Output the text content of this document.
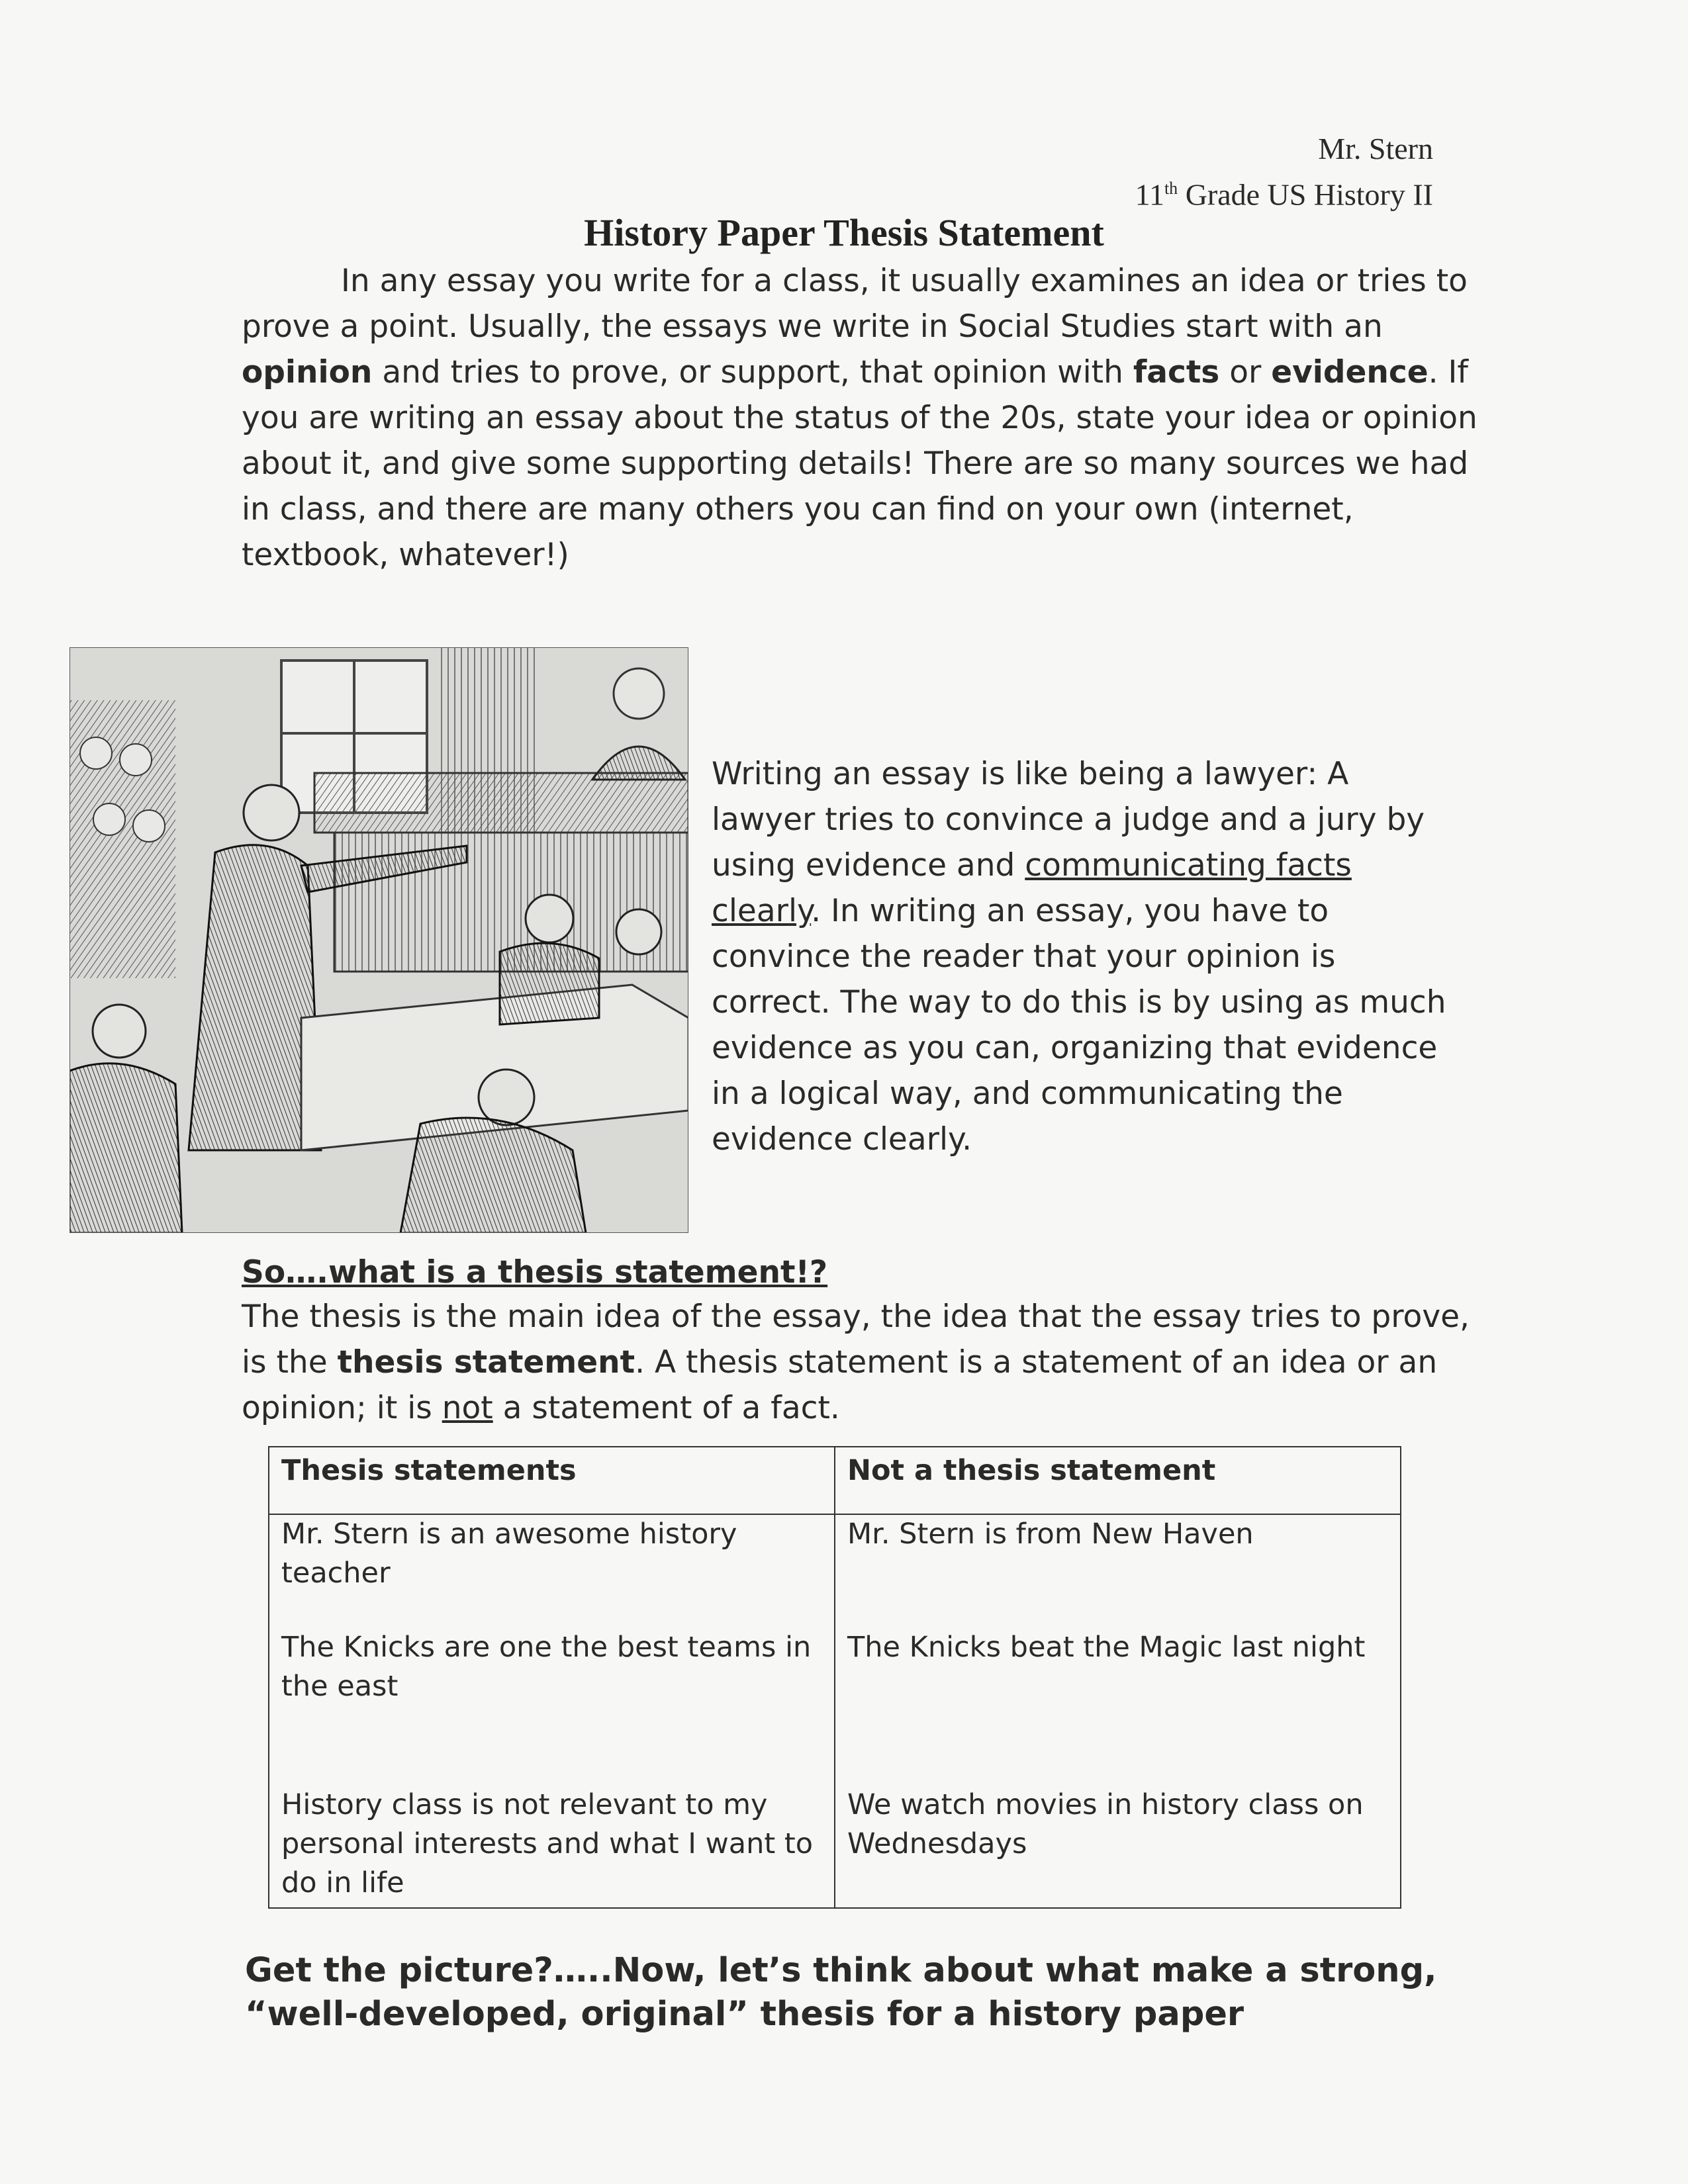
Mr. Stern
11th Grade US History II
History Paper Thesis Statement

In any essay you write for a class, it usually examines an idea or tries to prove a point. Usually, the essays we write in Social Studies start with an opinion and tries to prove, or support, that opinion with facts or evidence. If you are writing an essay about the status of the 20s, state your idea or opinion about it, and give some supporting details! There are so many sources we had in class, and there are many others you can find on your own (internet, textbook, whatever!)

Writing an essay is like being a lawyer: A lawyer tries to convince a judge and a jury by using evidence and communicating facts clearly. In writing an essay, you have to convince the reader that your opinion is correct. The way to do this is by using as much evidence as you can, organizing that evidence in a logical way, and communicating the evidence clearly.

So….what is a thesis statement!?

The thesis is the main idea of the essay, the idea that the essay tries to prove, is the thesis statement. A thesis statement is a statement of an idea or an opinion; it is not a statement of a fact.

Thesis statements	Not a thesis statement

Mr. Stern is an awesome history teacher	Mr. Stern is from New Haven

The Knicks are one the best teams in the east	The Knicks beat the Magic last night

History class is not relevant to my personal interests and what I want to do in life	We watch movies in history class on Wednesdays
Get the picture?…..Now, let’s think about what make a strong, “well-developed, original” thesis for a history paper
